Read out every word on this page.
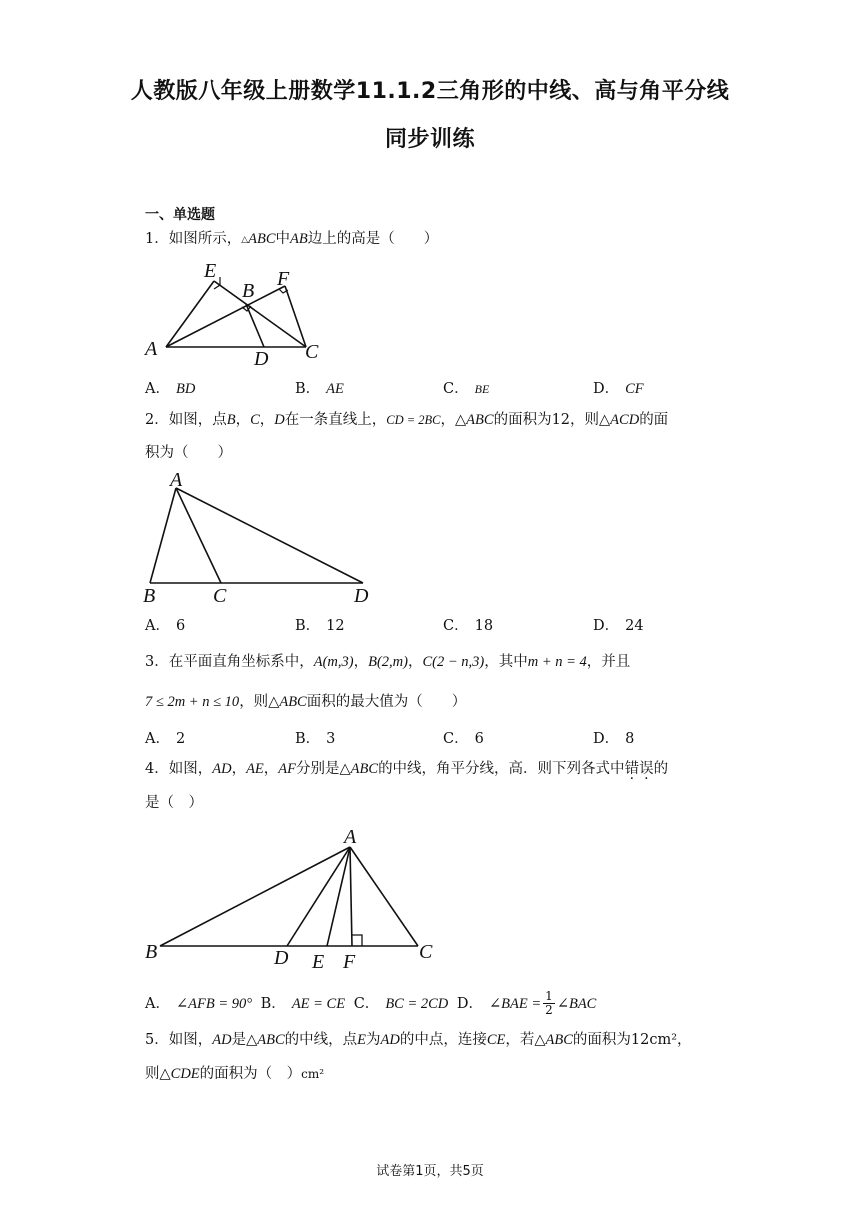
人教版八年级上册数学11.1.2三角形的中线、高与角平分线
同步训练
一、单选题
1．如图所示，△ABC中AB边上的高是（　　）
A
B
C
D
E	F
A． BD	B． AE	C． BE	D． CF
2．如图，点B，C，D在一条直线上，CD = 2BC，△ABC的面积为12，则△ACD的面
积为（　　）
A
B	C	D
A． 6	B． 12	C． 18	D． 24
3．在平面直角坐标系中，A(m,3)，B(2,m)，C(2 − n,3)，其中m + n = 4，并且
7 ≤ 2m + n ≤ 10，则△ABC面积的最大值为（　　）
A． 2	B． 3	C． 6	D． 8
4．如图，AD，AE，AF分别是△ABC的中线，角平分线，高．则下列各式中错误的
是（　）
A
B	C
D E F
A． ∠AFB = 90° B． AE = CE C． BC = 2CD D． ∠BAE = $\frac{1}{2}$ ∠BAC
5．如图，AD是△ABC的中线，点E为AD的中点，连接CE，若△ABC的面积为12cm²，
则△CDE的面积为（　）cm²
试卷第1页，共5页
